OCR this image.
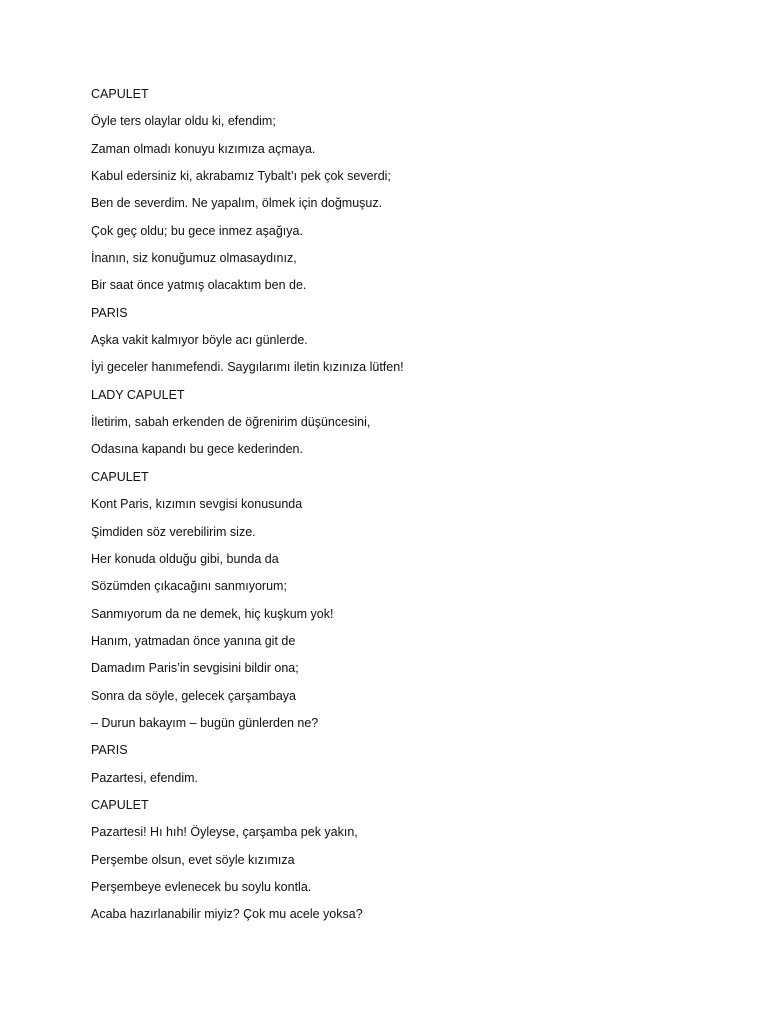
CAPULET
Öyle ters olaylar oldu ki, efendim;
Zaman olmadı konuyu kızımıza açmaya.
Kabul edersiniz ki, akrabamız Tybalt’ı pek çok severdi;
Ben de severdim. Ne yapalım, ölmek için doğmuşuz.
Çok geç oldu; bu gece inmez aşağıya.
İnanın, siz konuğumuz olmasaydınız,
Bir saat önce yatmış olacaktım ben de.
PARIS
Aşka vakit kalmıyor böyle acı günlerde.
İyi geceler hanımefendi. Saygılarımı iletin kızınıza lütfen!
LADY CAPULET
İletirim, sabah erkenden de öğrenirim düşüncesini,
Odasına kapandı bu gece kederinden.
CAPULET
Kont Paris, kızımın sevgisi konusunda
Şimdiden söz verebilirim size.
Her konuda olduğu gibi, bunda da
Sözümden çıkacağını sanmıyorum;
Sanmıyorum da ne demek, hiç kuşkum yok!
Hanım, yatmadan önce yanına git de
Damadım Paris’in sevgisini bildir ona;
Sonra da söyle, gelecek çarşambaya
– Durun bakayım – bugün günlerden ne?
PARIS
Pazartesi, efendim.
CAPULET
Pazartesi! Hı hıh! Öyleyse, çarşamba pek yakın,
Perşembe olsun, evet söyle kızımıza
Perşembeye evlenecek bu soylu kontla.
Acaba hazırlanabilir miyiz? Çok mu acele yoksa?
